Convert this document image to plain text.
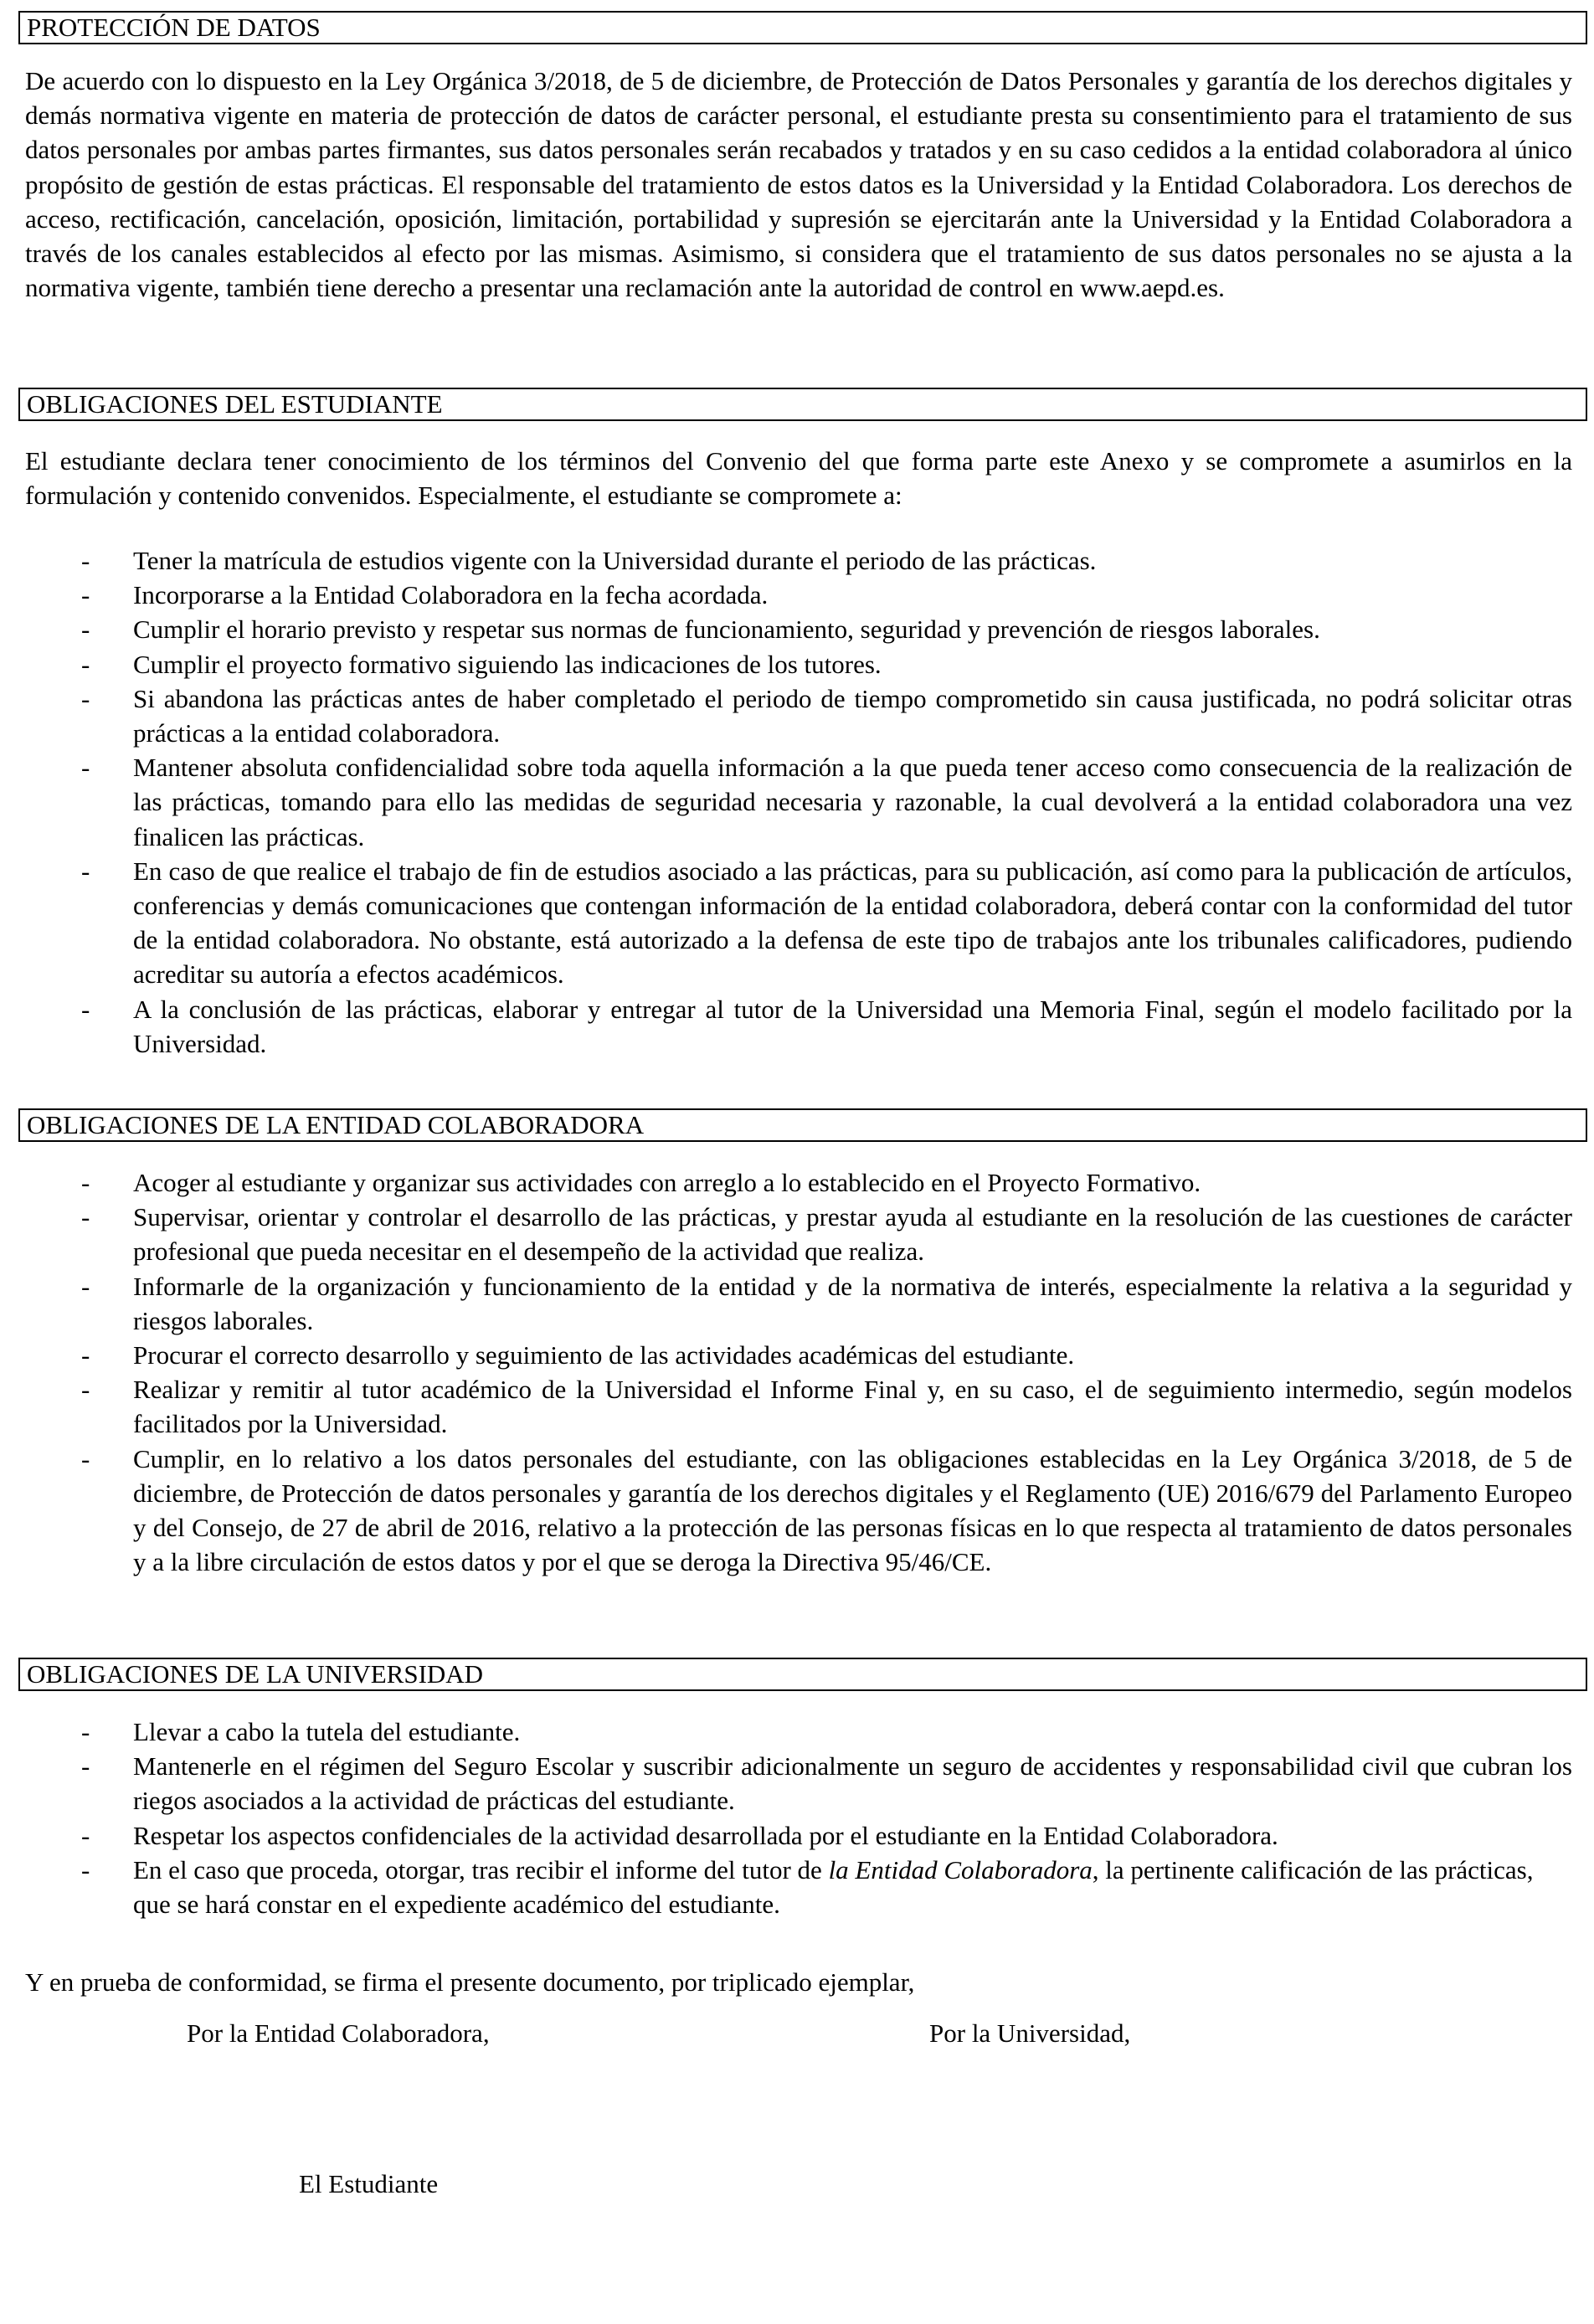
PROTECCIÓN DE DATOS

De acuerdo con lo dispuesto en la Ley Orgánica 3/2018, de 5 de diciembre, de Protección de Datos Personales y garantía de los derechos digitales y demás normativa vigente en materia de protección de datos de carácter personal, el estudiante presta su consentimiento para el tratamiento de sus datos personales por ambas partes firmantes, sus datos personales serán recabados y tratados y en su caso cedidos a la entidad colaboradora al único propósito de gestión de estas prácticas. El responsable del tratamiento de estos datos es la Universidad y la Entidad Colaboradora. Los derechos de acceso, rectificación, cancelación, oposición, limitación, portabilidad y supresión se ejercitarán ante la Universidad y la Entidad Colaboradora a través de los canales establecidos al efecto por las mismas. Asimismo, si considera que el tratamiento de sus datos personales no se ajusta a la normativa vigente, también tiene derecho a presentar una reclamación ante la autoridad de control en www.aepd.es.

OBLIGACIONES DEL ESTUDIANTE

El estudiante declara tener conocimiento de los términos del Convenio del que forma parte este Anexo y se compromete a asumirlos en la formulación y contenido convenidos. Especialmente, el estudiante se compromete a:

- Tener la matrícula de estudios vigente con la Universidad durante el periodo de las prácticas.
- Incorporarse a la Entidad Colaboradora en la fecha acordada.
- Cumplir el horario previsto y respetar sus normas de funcionamiento, seguridad y prevención de riesgos laborales.
- Cumplir el proyecto formativo siguiendo las indicaciones de los tutores.
- Si abandona las prácticas antes de haber completado el periodo de tiempo comprometido sin causa justificada, no podrá solicitar otras prácticas a la entidad colaboradora.
- Mantener absoluta confidencialidad sobre toda aquella información a la que pueda tener acceso como consecuencia de la realización de las prácticas, tomando para ello las medidas de seguridad necesaria y razonable, la cual devolverá a la entidad colaboradora una vez finalicen las prácticas.
- En caso de que realice el trabajo de fin de estudios asociado a las prácticas, para su publicación, así como para la publicación de artículos, conferencias y demás comunicaciones que contengan información de la entidad colaboradora, deberá contar con la conformidad del tutor de la entidad colaboradora. No obstante, está autorizado a la defensa de este tipo de trabajos ante los tribunales calificadores, pudiendo acreditar su autoría a efectos académicos.
- A la conclusión de las prácticas, elaborar y entregar al tutor de la Universidad una Memoria Final, según el modelo facilitado por la Universidad.
OBLIGACIONES DE LA ENTIDAD COLABORADORA
- Acoger al estudiante y organizar sus actividades con arreglo a lo establecido en el Proyecto Formativo.
- Supervisar, orientar y controlar el desarrollo de las prácticas, y prestar ayuda al estudiante en la resolución de las cuestiones de carácter profesional que pueda necesitar en el desempeño de la actividad que realiza.
- Informarle de la organización y funcionamiento de la entidad y de la normativa de interés, especialmente la relativa a la seguridad y riesgos laborales.
- Procurar el correcto desarrollo y seguimiento de las actividades académicas del estudiante.
- Realizar y remitir al tutor académico de la Universidad el Informe Final y, en su caso, el de seguimiento intermedio, según modelos facilitados por la Universidad.
- Cumplir, en lo relativo a los datos personales del estudiante, con las obligaciones establecidas en la Ley Orgánica 3/2018, de 5 de diciembre, de Protección de datos personales y garantía de los derechos digitales y el Reglamento (UE) 2016/679 del Parlamento Europeo y del Consejo, de 27 de abril de 2016, relativo a la protección de las personas físicas en lo que respecta al tratamiento de datos personales y a la libre circulación de estos datos y por el que se deroga la Directiva 95/46/CE.
OBLIGACIONES DE LA UNIVERSIDAD
- Llevar a cabo la tutela del estudiante.
- Mantenerle en el régimen del Seguro Escolar y suscribir adicionalmente un seguro de accidentes y responsabilidad civil que cubran los riegos asociados a la actividad de prácticas del estudiante.
- Respetar los aspectos confidenciales de la actividad desarrollada por el estudiante en la Entidad Colaboradora.
- En el caso que proceda, otorgar, tras recibir el informe del tutor de la Entidad Colaboradora, la pertinente calificación de las prácticas, que se hará constar en el expediente académico del estudiante.

Y en prueba de conformidad, se firma el presente documento, por triplicado ejemplar,

Por la Entidad Colaboradora,	Por la Universidad,
El Estudiante
